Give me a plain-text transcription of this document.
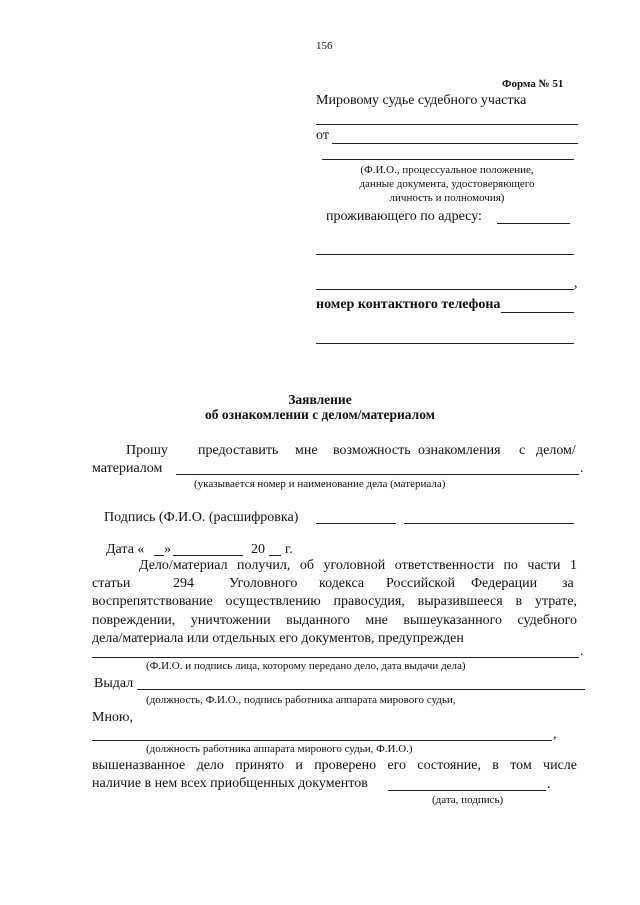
156
Форма № 51
Мировому судье судебного участка
от
(Ф.И.О., процессуальное положение,
данные документа, удостоверяющего
личность и полномочия)
проживающего по адресу:
,
номер контактного телефона
Заявление
об ознакомлении с делом/материалом
Прошу предоставить мне возможность ознакомления с делом/
материалом	.
(указывается номер и наименование дела (материала)
Подпись (Ф.И.О. (расшифровка)
Дата « »	20 г.
Дело/материал получил, об уголовной ответственности по части 1
статьи	294	Уголовного кодекса Российской Федерации за
воспрепятствование осуществлению правосудия, выразившееся в утрате,
повреждении, уничтожении выданного мне вышеуказанного судебного
дела/материала или отдельных его документов, предупрежден
.
(Ф.И.О. и подпись лица, которому передано дело, дата выдачи дела)
Выдал
(должность, Ф.И.О., подпись работника аппарата мирового судьи,
Мною,
,
(должность работника аппарата мирового судьи, Ф.И.О.)
вышеназванное дело принято и проверено его состояние, в том числе
наличие в нем всех приобщенных документов	.
(дата, подпись)
